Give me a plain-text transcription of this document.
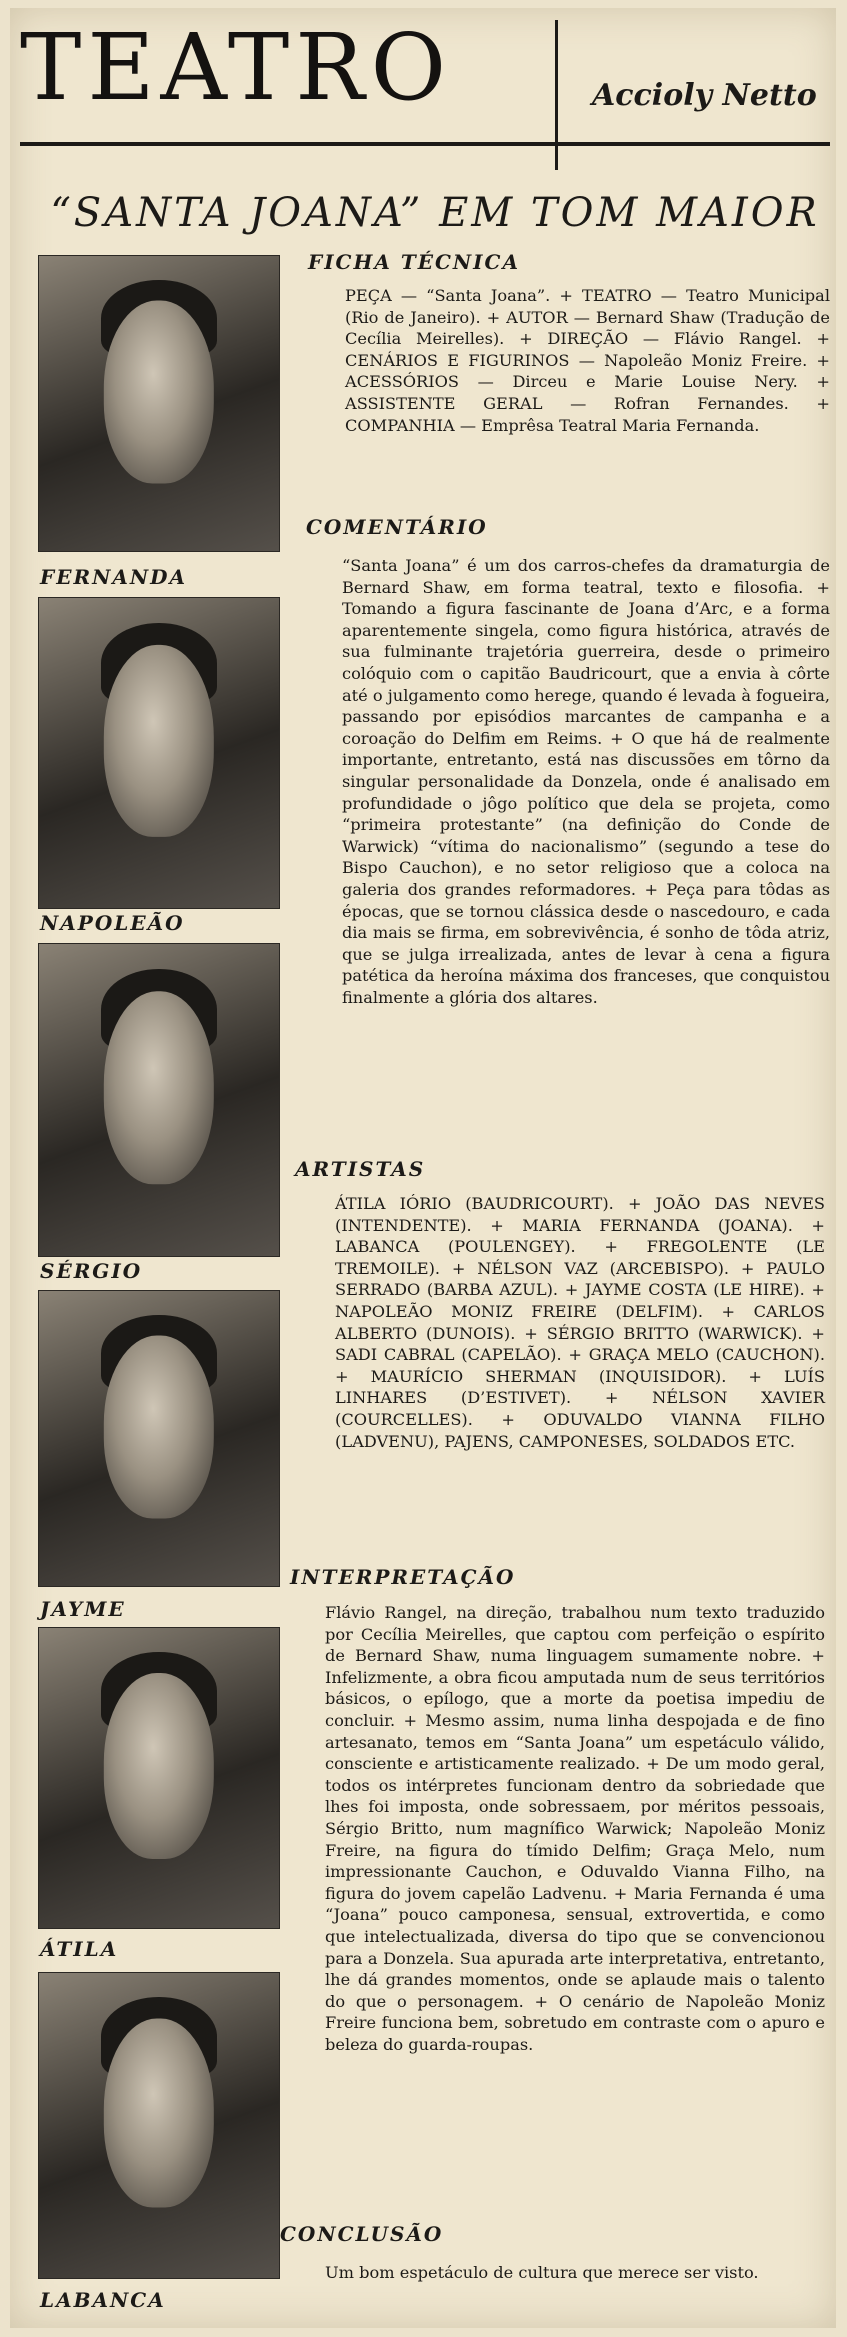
TEATRO	Accioly Netto
“SANTA JOANA” EM TOM MAIOR
FERNANDA
NAPOLEÃO
SÉRGIO
JAYME
ÁTILA
LABANCA
FICHA TÉCNICA
PEÇA — “Santa Joana”. + TEATRO — Teatro Municipal (Rio de Janeiro). + AUTOR — Bernard Shaw (Tradução de Cecília Meirelles). + DIREÇÃO — Flávio Rangel. + CENÁRIOS E FIGURINOS — Napoleão Moniz Freire. + ACESSÓRIOS — Dirceu e Marie Louise Nery. + ASSISTENTE GERAL — Rofran Fernandes. + COMPANHIA — Emprêsa Teatral Maria Fernanda.
COMENTÁRIO
“Santa Joana” é um dos carros-chefes da dramaturgia de Bernard Shaw, em forma teatral, texto e filosofia. + Tomando a figura fascinante de Joana d’Arc, e a forma aparentemente singela, como figura histórica, através de sua fulminante trajetória guerreira, desde o primeiro colóquio com o capitão Baudricourt, que a envia à côrte até o julgamento como herege, quando é levada à fogueira, passando por episódios marcantes de campanha e a coroação do Delfim em Reims. + O que há de realmente importante, entretanto, está nas discussões em tôrno da singular personalidade da Donzela, onde é analisado em profundidade o jôgo político que dela se projeta, como “primeira protestante” (na definição do Conde de Warwick) “vítima do nacionalismo” (segundo a tese do Bispo Cauchon), e no setor religioso que a coloca na galeria dos grandes reformadores. + Peça para tôdas as épocas, que se tornou clássica desde o nascedouro, e cada dia mais se firma, em sobrevivência, é sonho de tôda atriz, que se julga irrealizada, antes de levar à cena a figura patética da heroína máxima dos franceses, que conquistou finalmente a glória dos altares.
ARTISTAS
ÁTILA IÓRIO (BAUDRICOURT). + JOÃO DAS NEVES (INTENDENTE). + MARIA FERNANDA (JOANA). + LABANCA (POULENGEY). + FREGOLENTE (LE TREMOILE). + NÉLSON VAZ (ARCEBISPO). + PAULO SERRADO (BARBA AZUL). + JAYME COSTA (LE HIRE). + NAPOLEÃO MONIZ FREIRE (DELFIM). + CARLOS ALBERTO (DUNOIS). + SÉRGIO BRITTO (WARWICK). + SADI CABRAL (CAPELÃO). + GRAÇA MELO (CAUCHON). + MAURÍCIO SHERMAN (INQUISIDOR). + LUÍS LINHARES (D’ESTIVET). + NÉLSON XAVIER (COURCELLES). + ODUVALDO VIANNA FILHO (LADVENU), PAJENS, CAMPONESES, SOLDADOS ETC.
INTERPRETAÇÃO
Flávio Rangel, na direção, trabalhou num texto traduzido por Cecília Meirelles, que captou com perfeição o espírito de Bernard Shaw, numa linguagem sumamente nobre. + Infelizmente, a obra ficou amputada num de seus territórios básicos, o epílogo, que a morte da poetisa impediu de concluir. + Mesmo assim, numa linha despojada e de fino artesanato, temos em “Santa Joana” um espetáculo válido, consciente e artisticamente realizado. + De um modo geral, todos os intérpretes funcionam dentro da sobriedade que lhes foi imposta, onde sobressaem, por méritos pessoais, Sérgio Britto, num magnífico Warwick; Napoleão Moniz Freire, na figura do tímido Delfim; Graça Melo, num impressionante Cauchon, e Oduvaldo Vianna Filho, na figura do jovem capelão Ladvenu. + Maria Fernanda é uma “Joana” pouco camponesa, sensual, extrovertida, e como que intelectualizada, diversa do tipo que se convencionou para a Donzela. Sua apurada arte interpretativa, entretanto, lhe dá grandes momentos, onde se aplaude mais o talento do que o personagem. + O cenário de Napoleão Moniz Freire funciona bem, sobretudo em contraste com o apuro e beleza do guarda-roupas.
CONCLUSÃO
Um bom espetáculo de cultura que merece ser visto.
